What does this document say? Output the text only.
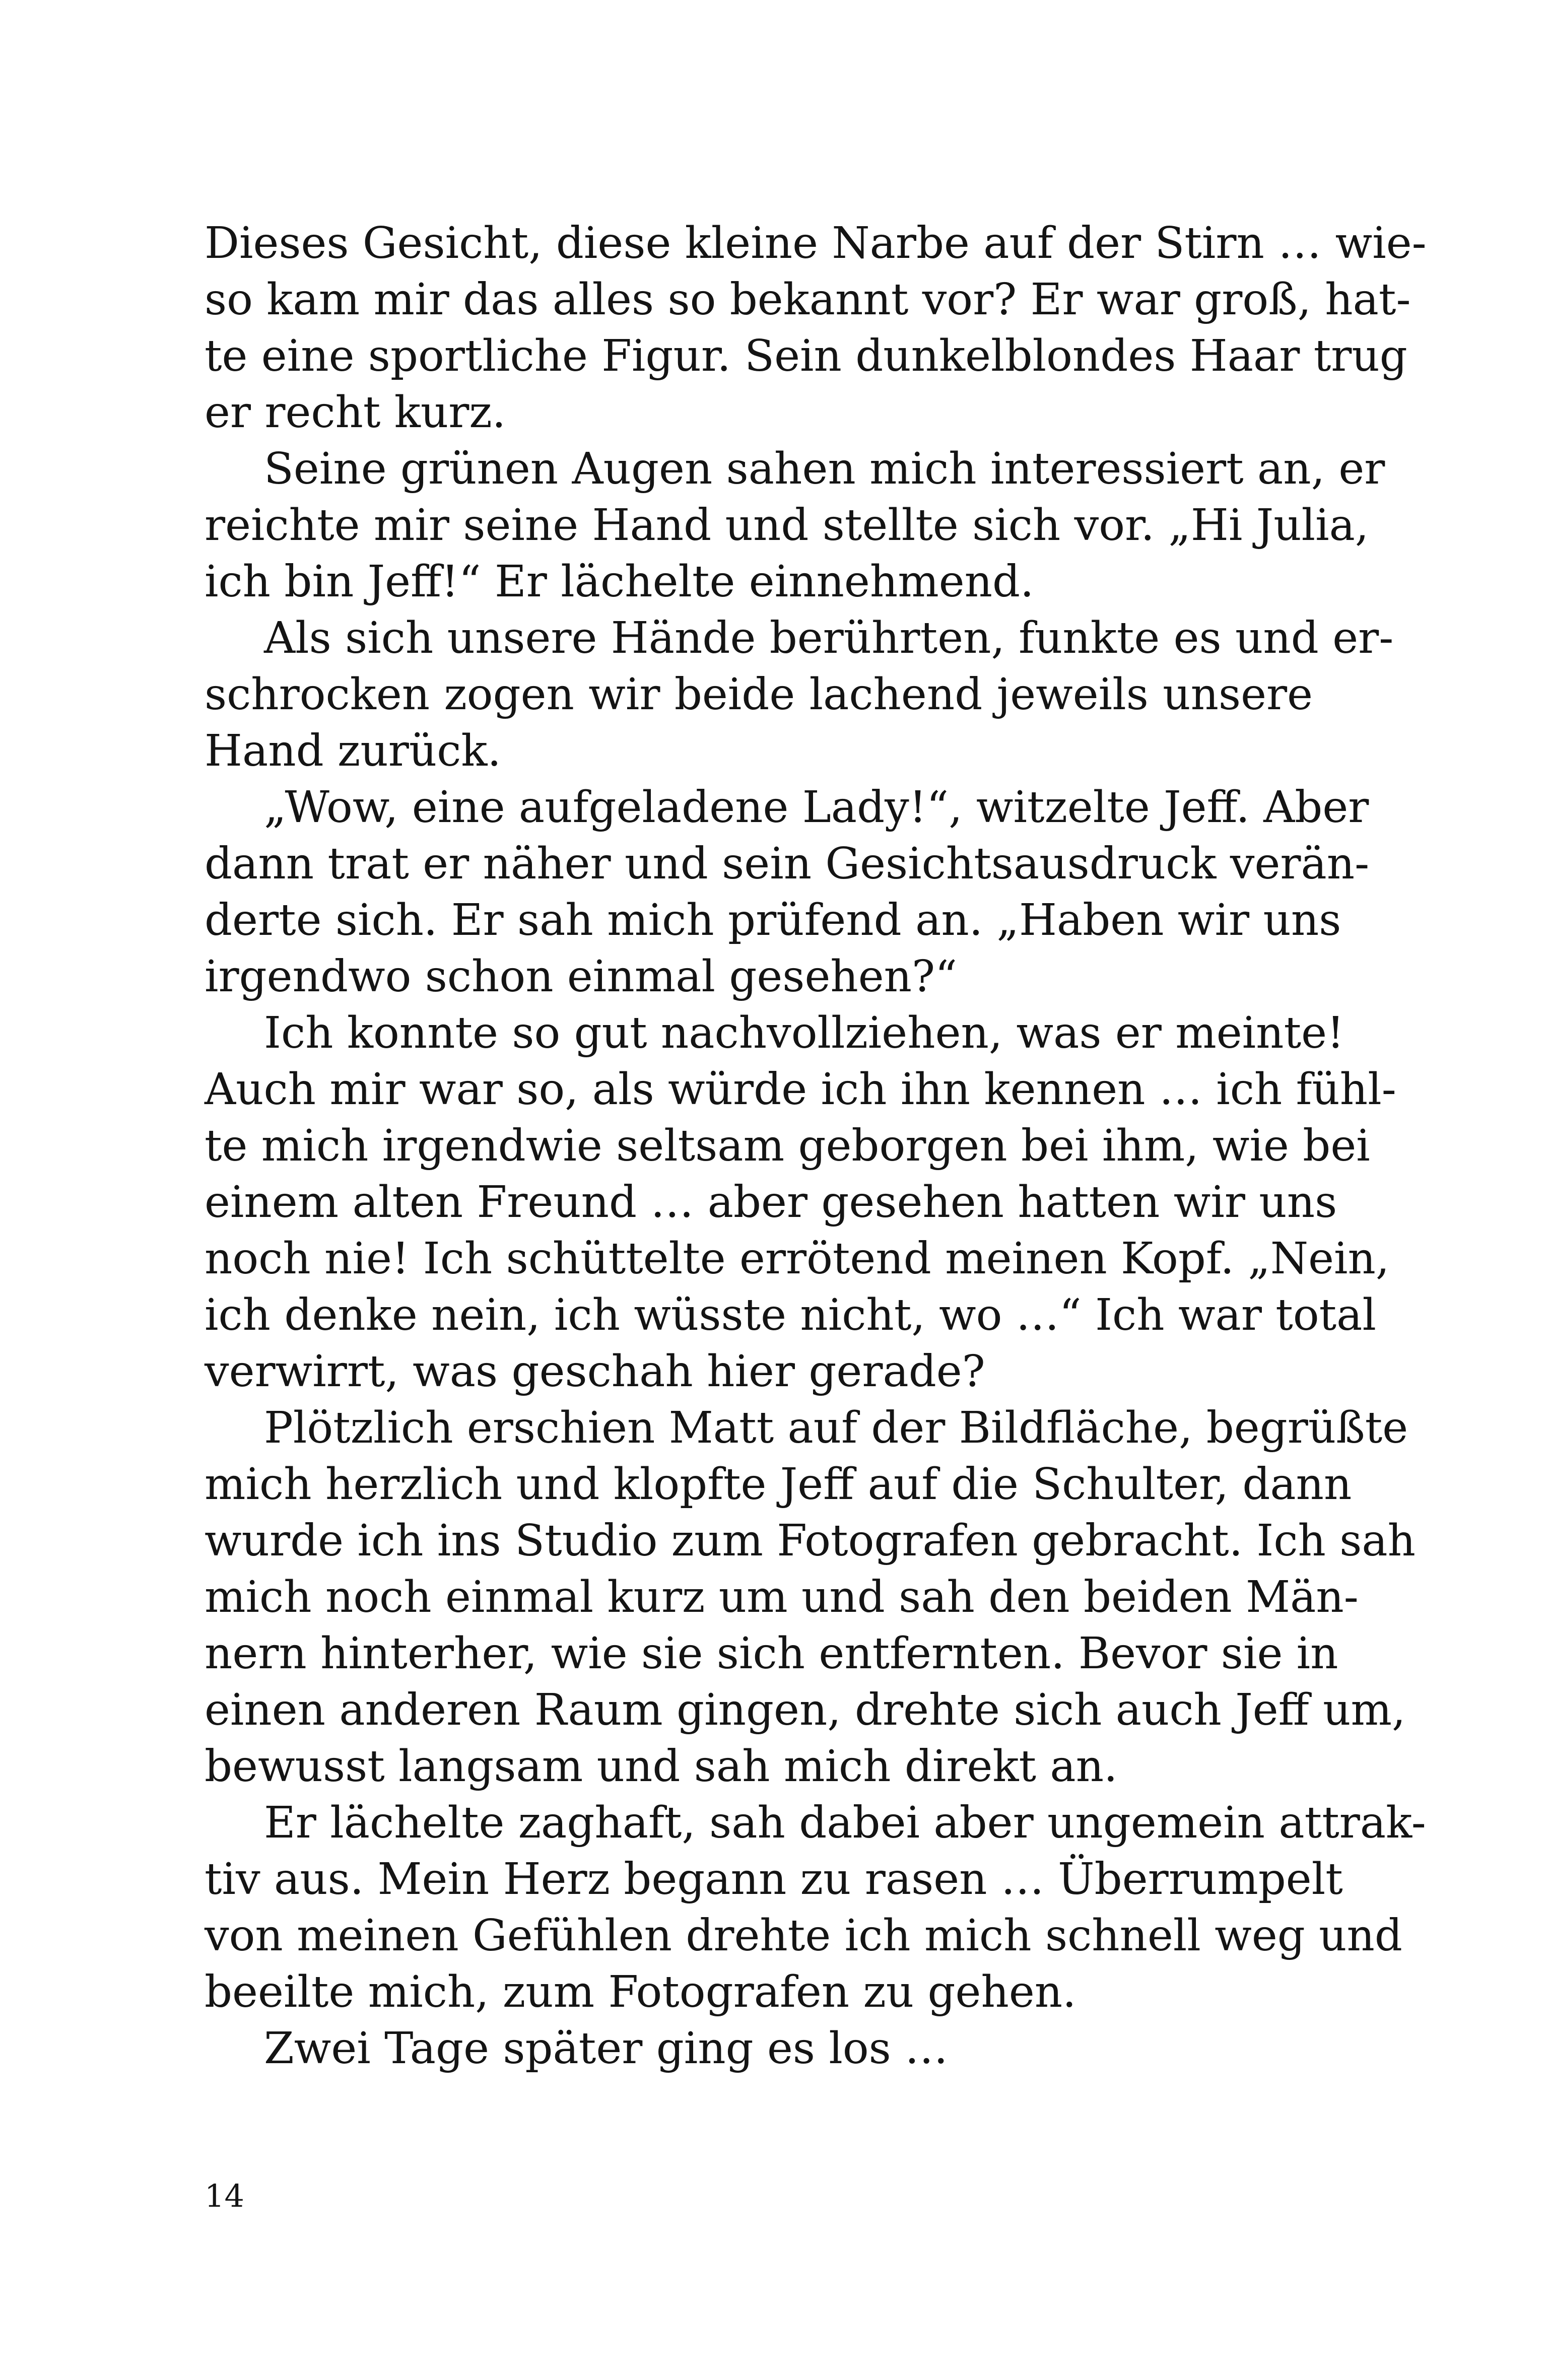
Dieses Gesicht, diese kleine Narbe auf der Stirn … wie-
so kam mir das alles so bekannt vor? Er war groß, hat-
te eine sportliche Figur. Sein dunkelblondes Haar trug
er recht kurz.
Seine grünen Augen sahen mich interessiert an, er
reichte mir seine Hand und stellte sich vor. „Hi Julia,
ich bin Jeff!“ Er lächelte einnehmend.
Als sich unsere Hände berührten, funkte es und er-
schrocken zogen wir beide lachend jeweils unsere
Hand zurück.
„Wow, eine aufgeladene Lady!“, witzelte Jeff. Aber
dann trat er näher und sein Gesichtsausdruck verän-
derte sich. Er sah mich prüfend an. „Haben wir uns
irgendwo schon einmal gesehen?“
Ich konnte so gut nachvollziehen, was er meinte!
Auch mir war so, als würde ich ihn kennen … ich fühl-
te mich irgendwie seltsam geborgen bei ihm, wie bei
einem alten Freund … aber gesehen hatten wir uns
noch nie! Ich schüttelte errötend meinen Kopf. „Nein,
ich denke nein, ich wüsste nicht, wo …“ Ich war total
verwirrt, was geschah hier gerade?
Plötzlich erschien Matt auf der Bildfläche, begrüßte
mich herzlich und klopfte Jeff auf die Schulter, dann
wurde ich ins Studio zum Fotografen gebracht. Ich sah
mich noch einmal kurz um und sah den beiden Män-
nern hinterher, wie sie sich entfernten. Bevor sie in
einen anderen Raum gingen, drehte sich auch Jeff um,
bewusst langsam und sah mich direkt an.
Er lächelte zaghaft, sah dabei aber ungemein attrak-
tiv aus. Mein Herz begann zu rasen … Überrumpelt
von meinen Gefühlen drehte ich mich schnell weg und
beeilte mich, zum Fotografen zu gehen.
Zwei Tage später ging es los …
14
